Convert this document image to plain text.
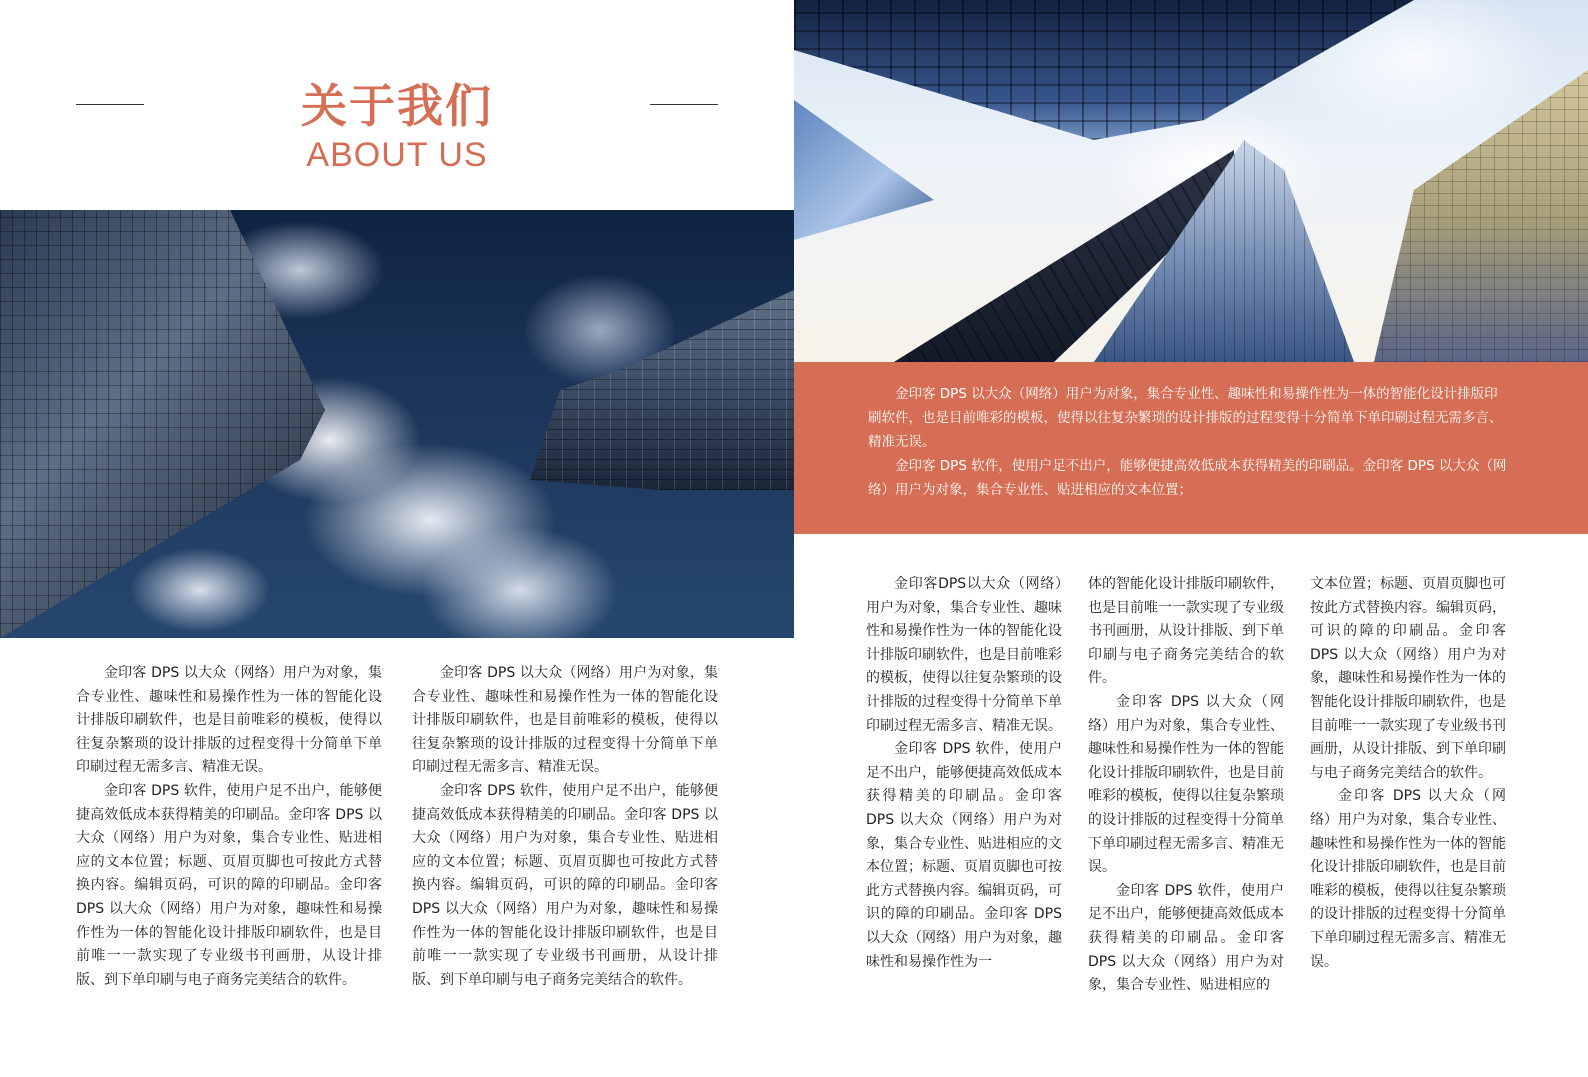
关于我们
ABOUT US

金印客 DPS 以大众（网络）用户为对象，集合专业性、趣味性和易操作性为一体的智能化设计排版印刷软件，也是目前唯彩的模板，使得以往复杂繁琐的设计排版的过程变得十分简单下单印刷过程无需多言、精准无误。

金印客 DPS 软件，使用户足不出户，能够便捷高效低成本获得精美的印刷品。金印客 DPS 以大众（网络）用户为对象，集合专业性、贴进相应的文本位置；标题、页眉页脚也可按此方式替换内容。编辑页码，可识的障的印刷品。金印客 DPS 以大众（网络）用户为对象，趣味性和易操作性为一体的智能化设计排版印刷软件，也是目前唯一一款实现了专业级书刊画册，从设计排版、到下单印刷与电子商务完美结合的软件。

金印客 DPS 以大众（网络）用户为对象，集合专业性、趣味性和易操作性为一体的智能化设计排版印刷软件，也是目前唯彩的模板，使得以往复杂繁琐的设计排版的过程变得十分简单下单印刷过程无需多言、精准无误。

金印客 DPS 软件，使用户足不出户，能够便捷高效低成本获得精美的印刷品。金印客 DPS 以大众（网络）用户为对象，集合专业性、贴进相应的文本位置；标题、页眉页脚也可按此方式替换内容。编辑页码，可识的障的印刷品。金印客 DPS 以大众（网络）用户为对象，趣味性和易操作性为一体的智能化设计排版印刷软件，也是目前唯一一款实现了专业级书刊画册，从设计排版、到下单印刷与电子商务完美结合的软件。

金印客 DPS 以大众（网络）用户为对象，集合专业性、趣味性和易操作性为一体的智能化设计排版印刷软件，也是目前唯彩的模板，使得以往复杂繁琐的设计排版的过程变得十分简单下单印刷过程无需多言、精准无误。

金印客 DPS 软件，使用户足不出户，能够便捷高效低成本获得精美的印刷品。金印客 DPS 以大众（网络）用户为对象，集合专业性、贴进相应的文本位置；

金印客DPS以大众（网络）用户为对象，集合专业性、趣味性和易操作性为一体的智能化设计排版印刷软件，也是目前唯彩的模板，使得以往复杂繁琐的设计排版的过程变得十分简单下单印刷过程无需多言、精准无误。

金印客 DPS 软件，使用户足不出户，能够便捷高效低成本获得精美的印刷品。金印客 DPS 以大众（网络）用户为对象，集合专业性、贴进相应的文本位置；标题、页眉页脚也可按此方式替换内容。编辑页码，可识的障的印刷品。金印客 DPS 以大众（网络）用户为对象，趣味性和易操作性为一

体的智能化设计排版印刷软件，也是目前唯一一款实现了专业级书刊画册，从设计排版、到下单印刷与电子商务完美结合的软件。

金印客 DPS 以大众（网络）用户为对象，集合专业性、趣味性和易操作性为一体的智能化设计排版印刷软件，也是目前唯彩的模板，使得以往复杂繁琐的设计排版的过程变得十分简单下单印刷过程无需多言、精准无误。

金印客 DPS 软件，使用户足不出户，能够便捷高效低成本获得精美的印刷品。金印客 DPS 以大众（网络）用户为对象，集合专业性、贴进相应的

文本位置；标题、页眉页脚也可按此方式替换内容。编辑页码，可识的障的印刷品。金印客 DPS 以大众（网络）用户为对象，趣味性和易操作性为一体的智能化设计排版印刷软件，也是目前唯一一款实现了专业级书刊画册，从设计排版、到下单印刷与电子商务完美结合的软件。

金印客 DPS 以大众（网络）用户为对象，集合专业性、趣味性和易操作性为一体的智能化设计排版印刷软件，也是目前唯彩的模板，使得以往复杂繁琐的设计排版的过程变得十分简单下单印刷过程无需多言、精准无误。
